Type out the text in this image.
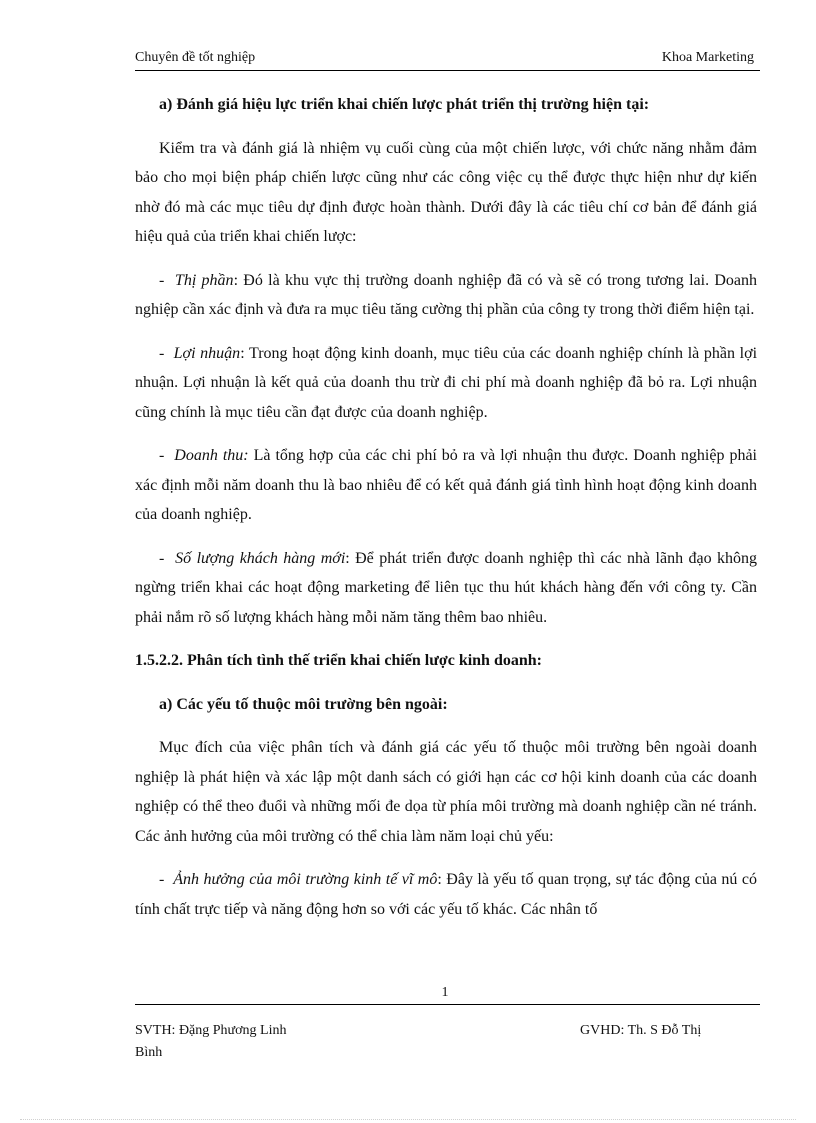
Chuyên đề tốt nghiệp	Khoa Marketing

a) Đánh giá hiệu lực triển khai chiến lược phát triển thị trường hiện tại:

Kiểm tra và đánh giá là nhiệm vụ cuối cùng của một chiến lược, với chức năng nhằm đảm bảo cho mọi biện pháp chiến lược cũng như các công việc cụ thể được thực hiện như dự kiến nhờ đó mà các mục tiêu dự định được hoàn thành. Dưới đây là các tiêu chí cơ bản để đánh giá hiệu quả của triển khai chiến lược:

- Thị phần: Đó là khu vực thị trường doanh nghiệp đã có và sẽ có trong tương lai. Doanh nghiệp cần xác định và đưa ra mục tiêu tăng cường thị phần của công ty trong thời điểm hiện tại.

- Lợi nhuận: Trong hoạt động kinh doanh, mục tiêu của các doanh nghiệp chính là phần lợi nhuận. Lợi nhuận là kết quả của doanh thu trừ đi chi phí mà doanh nghiệp đã bỏ ra. Lợi nhuận cũng chính là mục tiêu cần đạt được của doanh nghiệp.

- Doanh thu: Là tổng hợp của các chi phí bỏ ra và lợi nhuận thu được. Doanh nghiệp phải xác định mỗi năm doanh thu là bao nhiêu để có kết quả đánh giá tình hình hoạt động kinh doanh của doanh nghiệp.

- Số lượng khách hàng mới: Để phát triển được doanh nghiệp thì các nhà lãnh đạo không ngừng triển khai các hoạt động marketing để liên tục thu hút khách hàng đến với công ty. Cần phải nắm rõ số lượng khách hàng mỗi năm tăng thêm bao nhiêu.

1.5.2.2. Phân tích tình thế triển khai chiến lược kinh doanh:

a) Các yếu tố thuộc môi trường bên ngoài:

Mục đích của việc phân tích và đánh giá các yếu tố thuộc môi trường bên ngoài doanh nghiệp là phát hiện và xác lập một danh sách có giới hạn các cơ hội kinh doanh của các doanh nghiệp có thể theo đuổi và những mối đe dọa từ phía môi trường mà doanh nghiệp cần né tránh. Các ảnh hưởng của môi trường có thể chia làm năm loại chủ yếu:

- Ảnh hưởng của môi trường kinh tế vĩ mô: Đây là yếu tố quan trọng, sự tác động của nú có tính chất trực tiếp và năng động hơn so với các yếu tố khác. Các nhân tố

1
SVTH: Đặng Phương Linh
Bình
GVHD: Th. S Đỗ Thị
